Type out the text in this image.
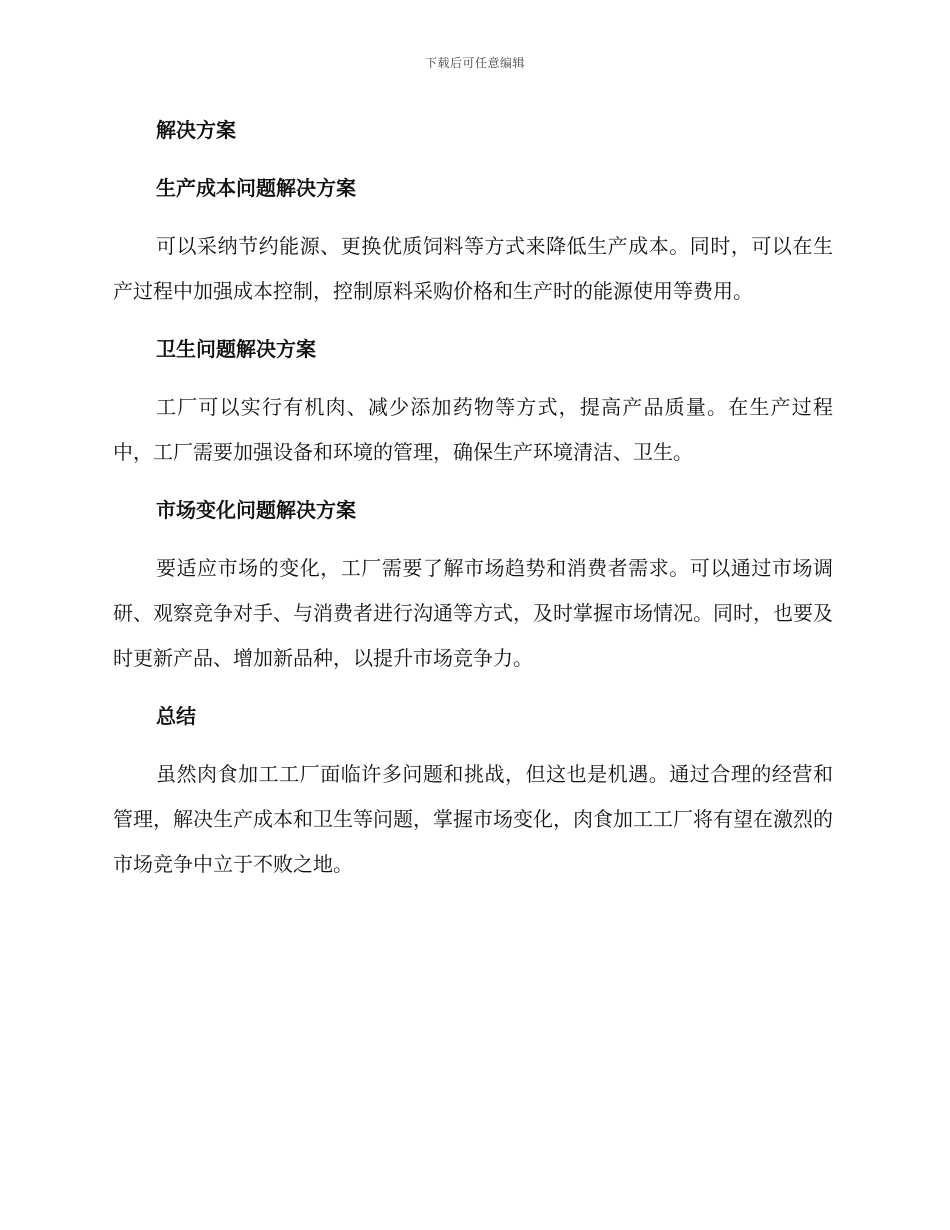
下载后可任意编辑
解决方案
生产成本问题解决方案

可以采纳节约能源、更换优质饲料等方式来降低生产成本。同时，可以在生产过程中加强成本控制，控制原料采购价格和生产时的能源使用等费用。

卫生问题解决方案

工厂可以实行有机肉、减少添加药物等方式，提高产品质量。在生产过程中，工厂需要加强设备和环境的管理，确保生产环境清洁、卫生。

市场变化问题解决方案

要适应市场的变化，工厂需要了解市场趋势和消费者需求。可以通过市场调研、观察竞争对手、与消费者进行沟通等方式，及时掌握市场情况。同时，也要及时更新产品、增加新品种，以提升市场竞争力。

总结

虽然肉食加工工厂面临许多问题和挑战，但这也是机遇。通过合理的经营和管理，解决生产成本和卫生等问题，掌握市场变化，肉食加工工厂将有望在激烈的市场竞争中立于不败之地。
